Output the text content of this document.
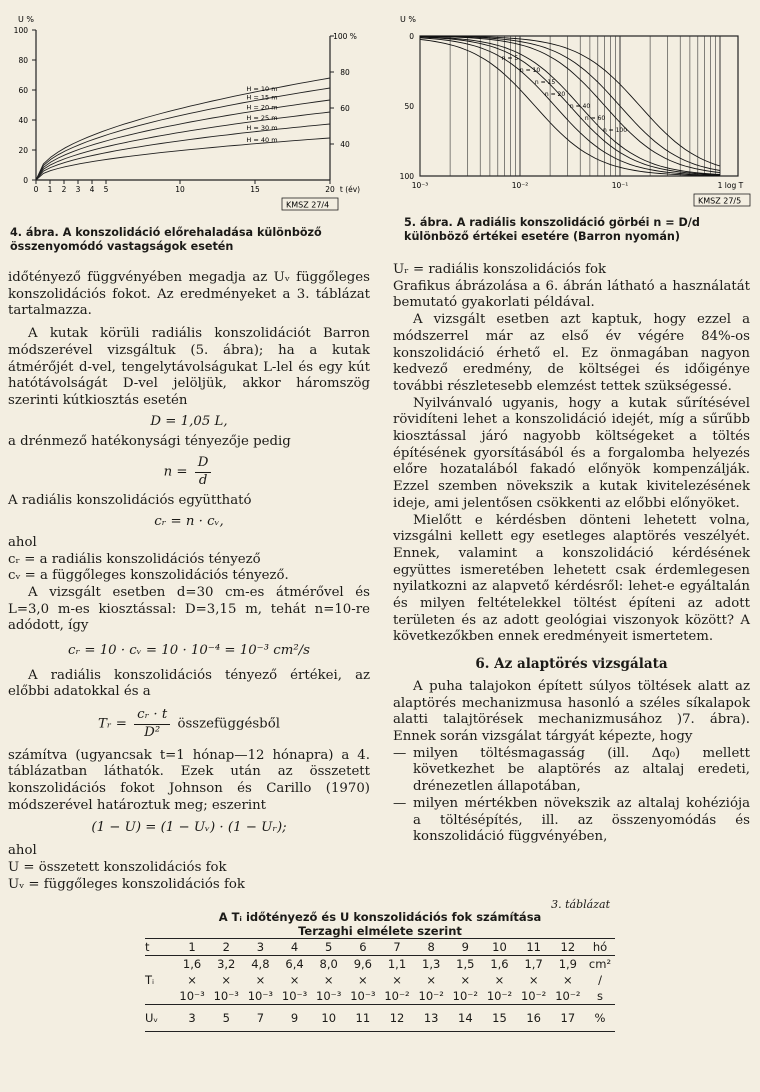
U %
100
80
60
40
20
0
0 1 2 3 4 5	10	15	20 t (év)
100 %
80
60
40
H = 10 m
H = 15 m
H = 20 m
H = 25 m
H = 30 m
H = 40 m
KMSZ 27/4
4. ábra. A konszolidáció előrehaladása különböző összenyomódó vastagságok esetén
U %
0
50
100
10⁻³	10⁻²	10⁻¹	1 log T
n = 5
n = 10
n = 15
n = 20
n = 40
n = 60
n = 100
KMSZ 27/5
5. ábra. A radiális konszolidáció görbéi n = D/d különböző értékei esetére (Barron nyomán)

időtényező függvényében megadja az Uᵥ függőleges konszolidációs fokot. Az eredményeket a 3. táblázat tartalmazza.

A kutak körüli radiális konszolidációt Barron módszerével vizsgáltuk (5. ábra); ha a kutak átmérőjét d-vel, tengelytávolságukat L-lel és egy kút hatótávolságát D-vel jelöljük, akkor háromszög szerinti kútkiosztás esetén

D = 1,05 L,

a drénmező hatékonysági tényezője pedig

$n = \frac{D}{d}$

A radiális konszolidációs együttható

cᵣ = n · cᵥ,

ahol

cᵣ = a radiális konszolidációs tényező

cᵥ = a függőleges konszolidációs tényező.

A vizsgált esetben d=30 cm-es átmérővel és L=3,0 m-es kiosztással: D=3,15 m, tehát n=10-re adódott, így

cᵣ = 10 · cᵥ = 10 · 10⁻⁴ = 10⁻³ cm²/s

A radiális konszolidációs tényező értékei, az előbbi adatokkal és a

Tᵣ = $\frac{\text{cᵣ · t}}{\text{D²}}$ összefüggésből

számítva (ugyancsak t=1 hónap—12 hónapra) a 4. táblázatban láthatók. Ezek után az összetett konszolidációs fokot Johnson és Carillo (1970) módszerével határoztuk meg; eszerint

(1 − U) = (1 − Uᵥ) · (1 − Uᵣ);

ahol

U = összetett konszolidációs fok

Uᵥ = függőleges konszolidációs fok

Uᵣ = radiális konszolidációs fok

Grafikus ábrázolása a 6. ábrán látható a használatát bemutató gyakorlati példával.

A vizsgált esetben azt kaptuk, hogy ezzel a módszerrel már az első év végére 84%-os konszolidáció érhető el. Ez önmagában nagyon kedvező eredmény, de költségei és időigénye további részletesebb elemzést tettek szükségessé.

Nyilvánvaló ugyanis, hogy a kutak sűrítésével rövidíteni lehet a konszolidáció idejét, míg a sűrűbb kiosztással járó nagyobb költségeket a töltés építésének gyorsításából és a forgalomba helyezés előre hozatalából fakadó előnyök kompenzálják. Ezzel szemben növekszik a kutak kivitelezésének ideje, ami jelentősen csökkenti az előbbi előnyöket.

Mielőtt e kérdésben dönteni lehetett volna, vizsgálni kellett egy esetleges alaptörés veszélyét. Ennek, valamint a konszolidáció kérdésének együttes ismeretében lehetett csak érdemlegesen nyilatkozni az alapvető kérdésről: lehet-e egyáltalán és milyen feltételekkel töltést építeni az adott területen és az adott geológiai viszonyok között? A következőkben ennek eredményeit ismertetem.

6. Az alaptörés vizsgálata

A puha talajokon épített súlyos töltések alatt az alaptörés mechanizmusa hasonló a széles síkalapok alatti talajtörések mechanizmusához )7. ábra). Ennek során vizsgálat tárgyát képezte, hogy

— milyen töltésmagasság (ill. Δq₀) mellett következhet be alaptörés az altalaj eredeti, drénezetlen állapotában,
— milyen mértékben növekszik az altalaj kohéziója a töltésépítés, ill. az összenyomódás és konszolidáció függvényében,
3. táblázat
A Tᵢ időtényező és U konszolidációs fok számítása
Terzaghi elmélete szerint
t	1	2	3	4	5	6	7	8	9	10	11	12	hó
	1,6	3,2	4,8	6,4	8,0	9,6	1,1	1,3	1,5	1,6	1,7	1,9	cm²
Tᵢ	×	×	×	×	×	×	×	×	×	×	×	×	/
	10⁻³	10⁻³	10⁻³	10⁻³	10⁻³	10⁻³	10⁻²	10⁻²	10⁻²	10⁻²	10⁻²	10⁻²	s
Uᵥ	3	5	7	9	10	11	12	13	14	15	16	17	%
